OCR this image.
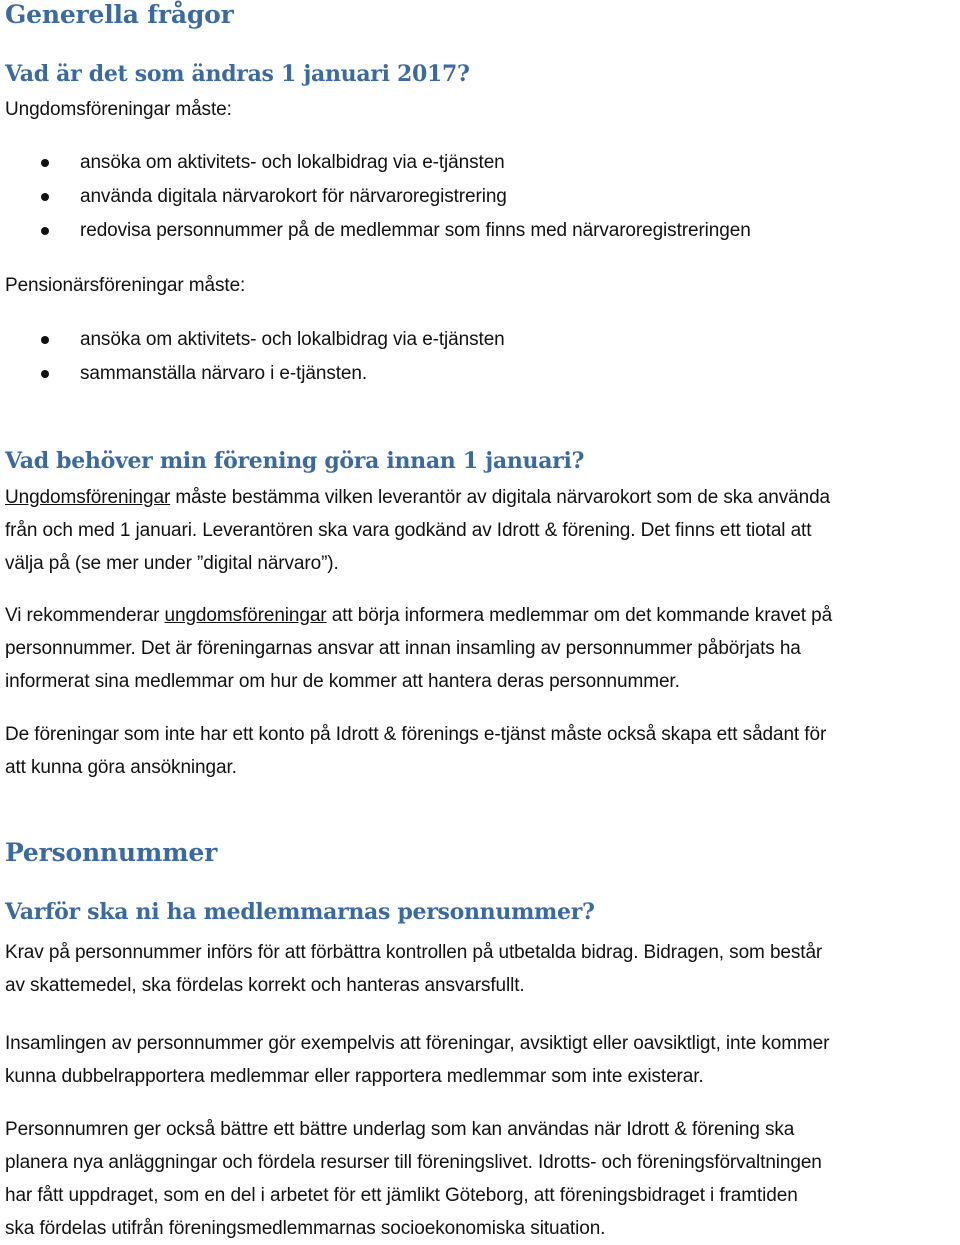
Generella frågor
Vad är det som ändras 1 januari 2017?

Ungdomsföreningar måste:

ansöka om aktivitets- och lokalbidrag via e-tjänsten
använda digitala närvarokort för närvaroregistrering
redovisa personnummer på de medlemmar som finns med närvaroregistreringen

Pensionärsföreningar måste:

ansöka om aktivitets- och lokalbidrag via e-tjänsten
sammanställa närvaro i e-tjänsten.
Vad behöver min förening göra innan 1 januari?

Ungdomsföreningar måste bestämma vilken leverantör av digitala närvarokort som de ska använda
från och med 1 januari. Leverantören ska vara godkänd av Idrott & förening. Det finns ett tiotal att
välja på (se mer under ”digital närvaro”).

Vi rekommenderar ungdomsföreningar att börja informera medlemmar om det kommande kravet på
personnummer. Det är föreningarnas ansvar att innan insamling av personnummer påbörjats ha
informerat sina medlemmar om hur de kommer att hantera deras personnummer.

De föreningar som inte har ett konto på Idrott & förenings e-tjänst måste också skapa ett sådant för
att kunna göra ansökningar.

Personnummer
Varför ska ni ha medlemmarnas personnummer?

Krav på personnummer införs för att förbättra kontrollen på utbetalda bidrag. Bidragen, som består
av skattemedel, ska fördelas korrekt och hanteras ansvarsfullt.

Insamlingen av personnummer gör exempelvis att föreningar, avsiktigt eller oavsiktligt, inte kommer
kunna dubbelrapportera medlemmar eller rapportera medlemmar som inte existerar.

Personnumren ger också bättre ett bättre underlag som kan användas när Idrott & förening ska
planera nya anläggningar och fördela resurser till föreningslivet. Idrotts- och föreningsförvaltningen
har fått uppdraget, som en del i arbetet för ett jämlikt Göteborg, att föreningsbidraget i framtiden
ska fördelas utifrån föreningsmedlemmarnas socioekonomiska situation.
